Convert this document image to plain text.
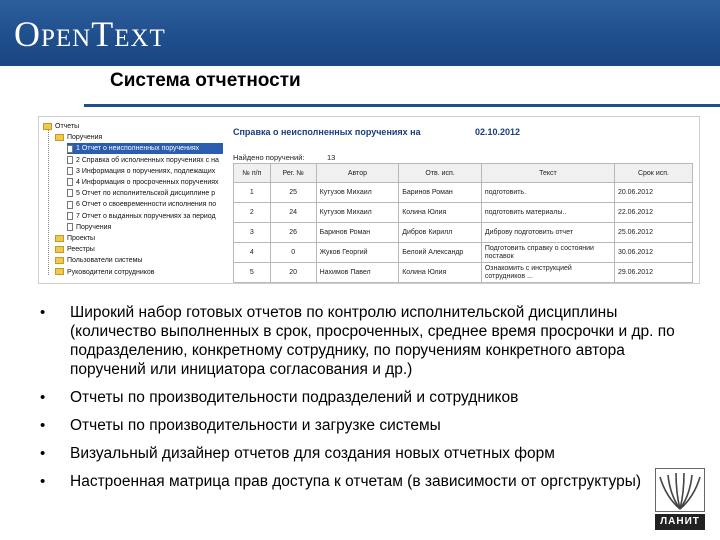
OpenText
Система отчетности
Отчеты
Поручения
1 Отчет о неисполненных поручениях
2 Справка об исполненных поручениях с на
3 Информация о поручениях, подлежащих
4 Информация о просроченных поручениях
5 Отчет по исполнительской дисциплине р
6 Отчет о своевременности исполнения по
7 Отчет о выданных поручениях за период
Поручения
Проекты
Реестры
Пользователи системы
Руководители сотрудников
Справка о неисполненных поручениях на	02.10.2012
Найдено поручений:	13
№ п/п	Рег. №	Автор	Отв. исп.	Текст	Срок исп.
1	25	Кутузов Михаил	Баринов Роман	подготовить.	20.06.2012
2	24	Кутузов Михаил	Колина Юлия	подготовить материалы..	22.06.2012
3	26	Баринов Роман	Дибров Кирилл	Диброву подготовить отчет	25.06.2012
4	0	Жуков Георгий	Белоий Александр	Подготовить справку о состоянии поставок	30.06.2012
5	20	Нахимов Павел	Колина Юлия	Ознакомить с инструкцией сотрудников ...	29.06.2012
• Широкий набор готовых отчетов по контролю исполнительской дисциплины (количество выполненных в срок, просроченных, среднее время просрочки и др. по подразделению, конкретному сотруднику, по поручениям конкретного автора поручений или инициатора согласования и др.)
• Отчеты по производительности подразделений и сотрудников
• Отчеты по производительности и загрузке системы
• Визуальный дизайнер отчетов для создания новых отчетных форм
• Настроенная матрица прав доступа к отчетам (в зависимости от оргструктуры)
ЛАНИТ
